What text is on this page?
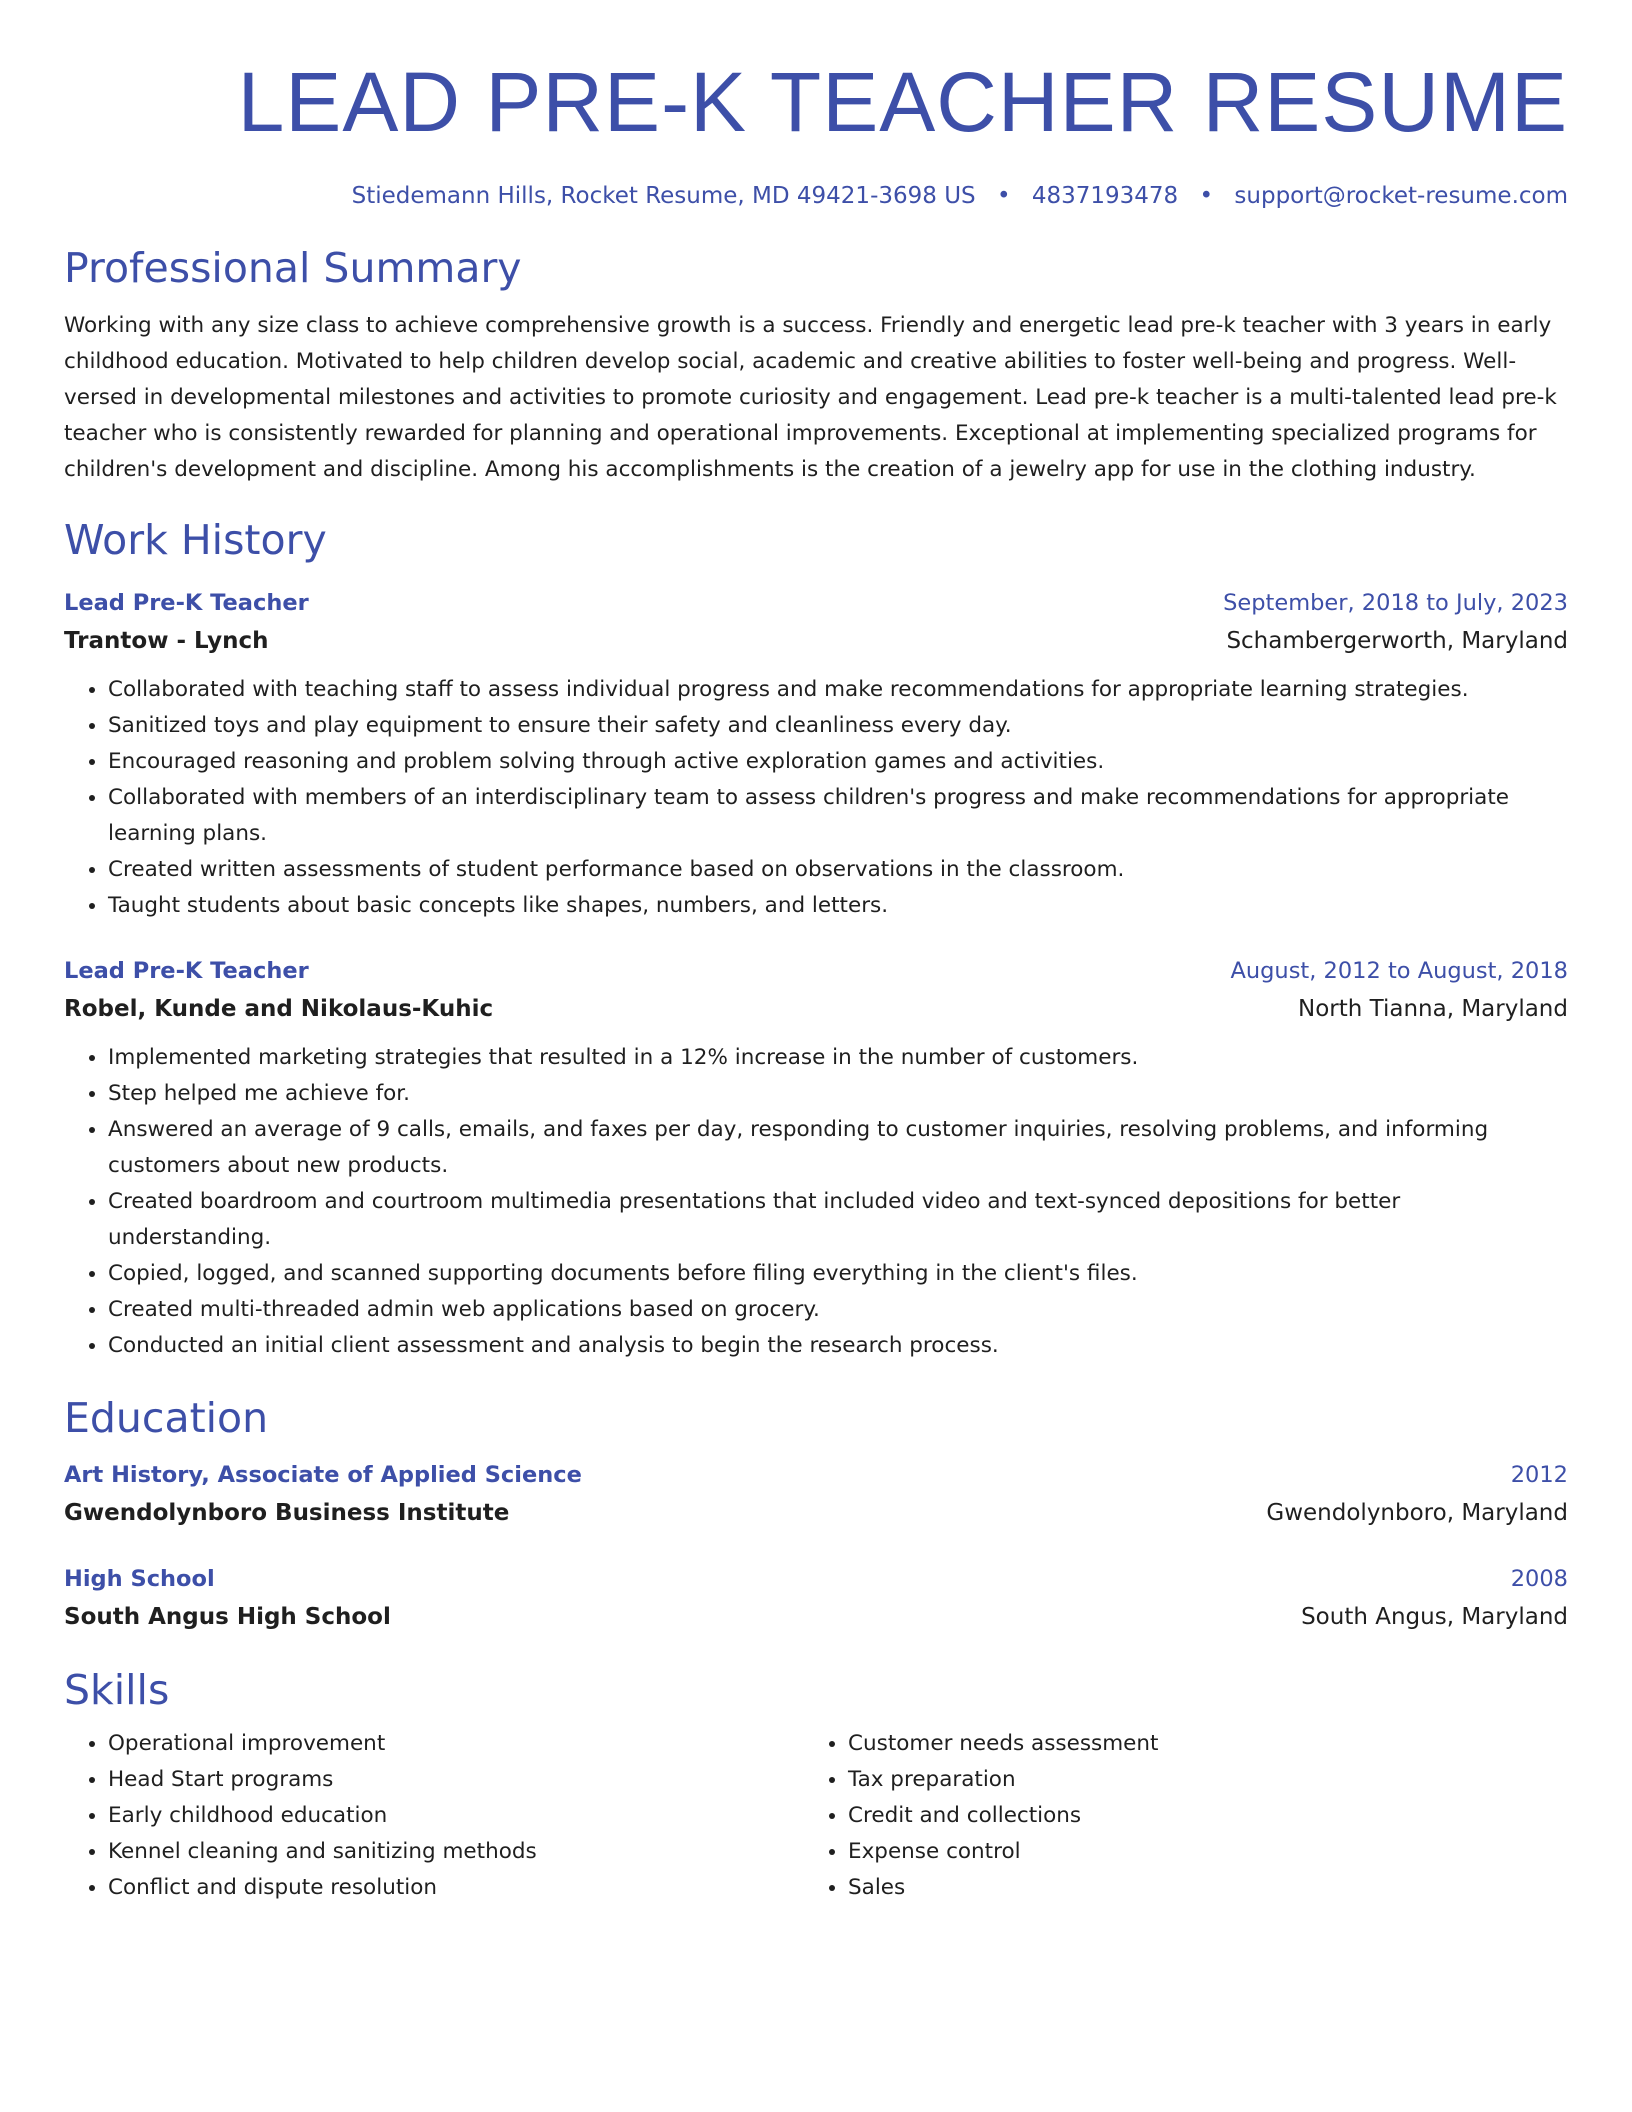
LEAD PRE-K TEACHER RESUME
Stiedemann Hills, Rocket Resume, MD 49421-3698 US • 4837193478 • support@rocket-resume.com
Professional Summary

Working with any size class to achieve comprehensive growth is a success. Friendly and energetic lead pre-k teacher with 3 years in early childhood education. Motivated to help children develop social, academic and creative abilities to foster well-being and progress. Well-versed in developmental milestones and activities to promote curiosity and engagement. Lead pre-k teacher is a multi-talented lead pre-k teacher who is consistently rewarded for planning and operational improvements. Exceptional at implementing specialized programs for children's development and discipline. Among his accomplishments is the creation of a jewelry app for use in the clothing industry.

Work History
Lead Pre-K Teacher	September, 2018 to July, 2023
Trantow - Lynch	Schambergerworth, Maryland
• Collaborated with teaching staff to assess individual progress and make recommendations for appropriate learning strategies.
• Sanitized toys and play equipment to ensure their safety and cleanliness every day.
• Encouraged reasoning and problem solving through active exploration games and activities.
• Collaborated with members of an interdisciplinary team to assess children's progress and make recommendations for appropriate learning plans.
• Created written assessments of student performance based on observations in the classroom.
• Taught students about basic concepts like shapes, numbers, and letters.
Lead Pre-K Teacher	August, 2012 to August, 2018
Robel, Kunde and Nikolaus-Kuhic	North Tianna, Maryland
• Implemented marketing strategies that resulted in a 12% increase in the number of customers.
• Step helped me achieve for.
• Answered an average of 9 calls, emails, and faxes per day, responding to customer inquiries, resolving problems, and informing customers about new products.
• Created boardroom and courtroom multimedia presentations that included video and text-synced depositions for better understanding.
• Copied, logged, and scanned supporting documents before filing everything in the client's files.
• Created multi-threaded admin web applications based on grocery.
• Conducted an initial client assessment and analysis to begin the research process.
Education
Art History, Associate of Applied Science	2012
Gwendolynboro Business Institute	Gwendolynboro, Maryland
High School	2008
South Angus High School	South Angus, Maryland
Skills
• Operational improvement
• Head Start programs
• Early childhood education
• Kennel cleaning and sanitizing methods
• Conflict and dispute resolution
• Customer needs assessment
• Tax preparation
• Credit and collections
• Expense control
• Sales
